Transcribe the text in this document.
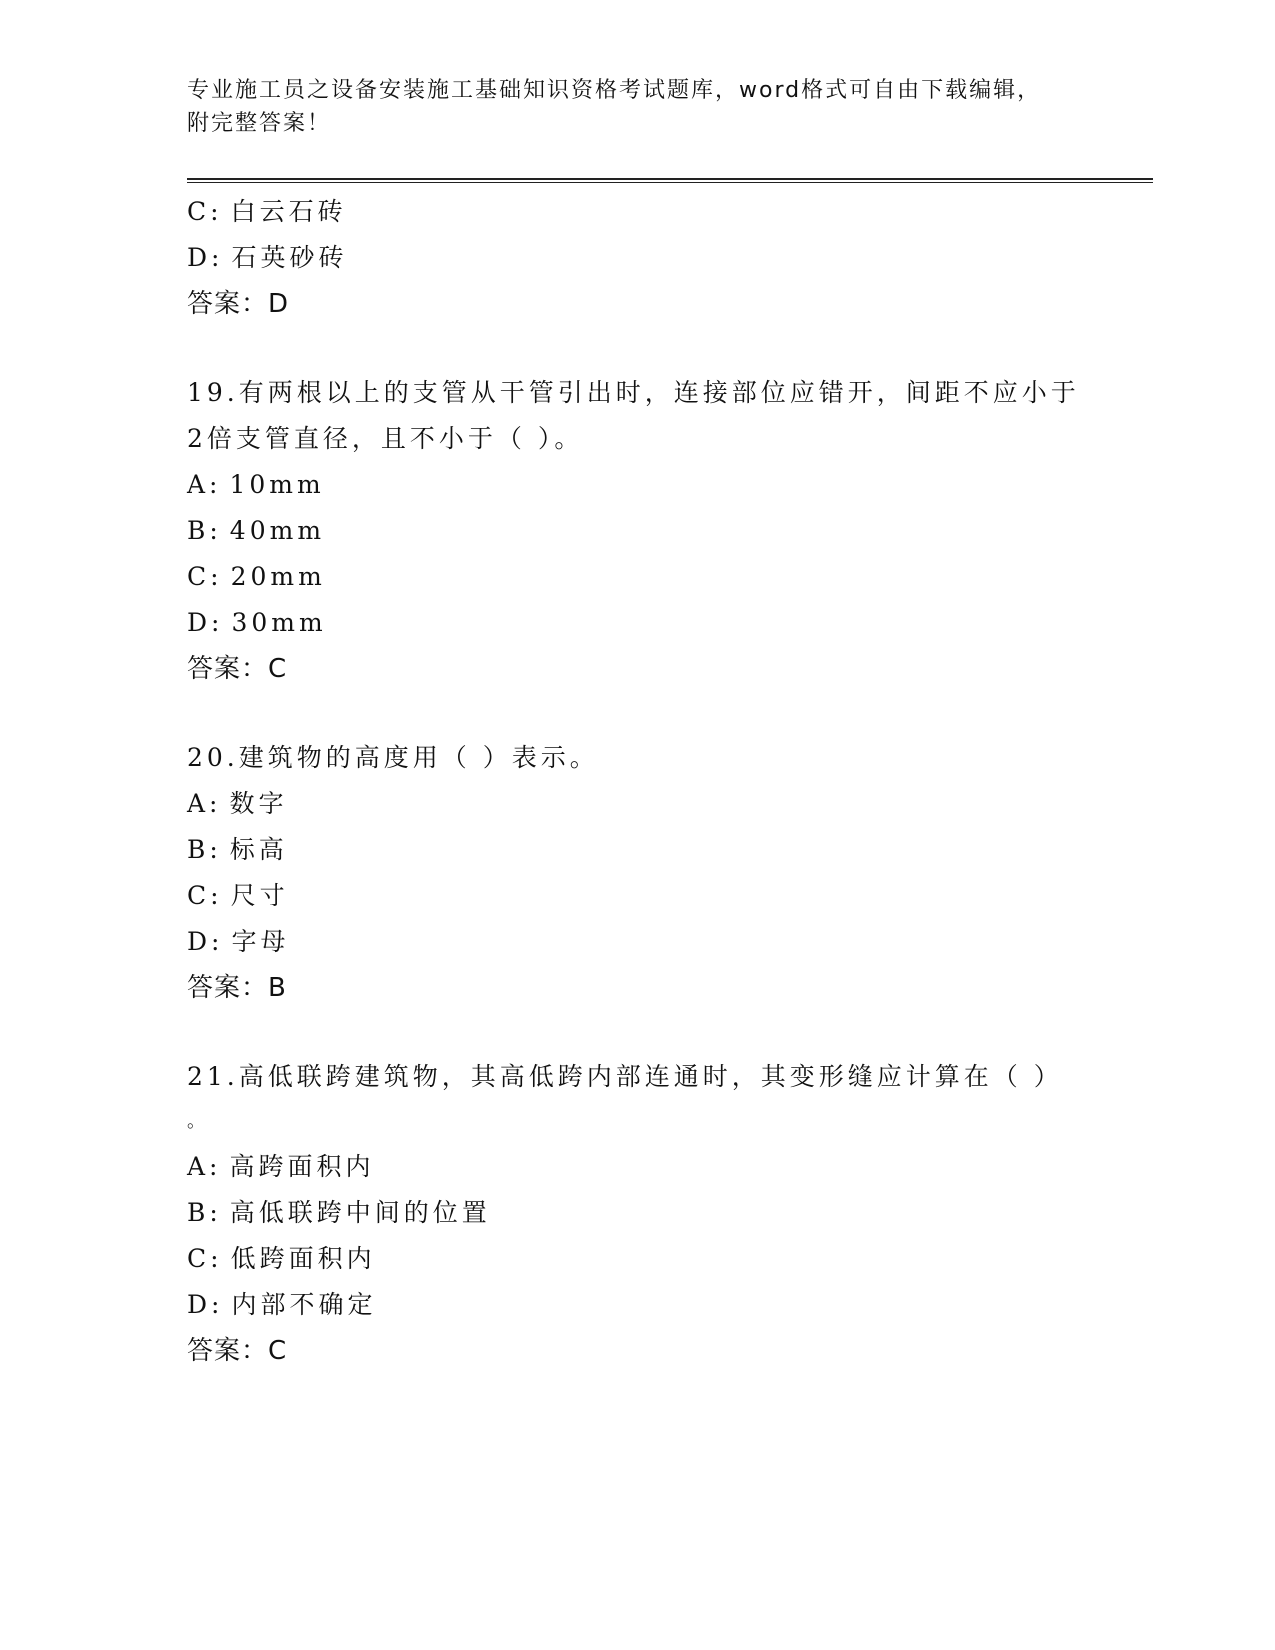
专业施工员之设备安装施工基础知识资格考试题库，word格式可自由下载编辑，
附完整答案！
C: 白云石砖
D: 石英砂砖
答案：D
19.有两根以上的支管从干管引出时，连接部位应错开，间距不应小于
2倍支管直径，且不小于（ ）。
A: 10mm
B: 40mm
C: 20mm
D: 30mm
答案：C
20.建筑物的高度用（ ）表示。
A: 数字
B: 标高
C: 尺寸
D: 字母
答案：B
21.高低联跨建筑物，其高低跨内部连通时，其变形缝应计算在（ ）
。
A: 高跨面积内
B: 高低联跨中间的位置
C: 低跨面积内
D: 内部不确定
答案：C
